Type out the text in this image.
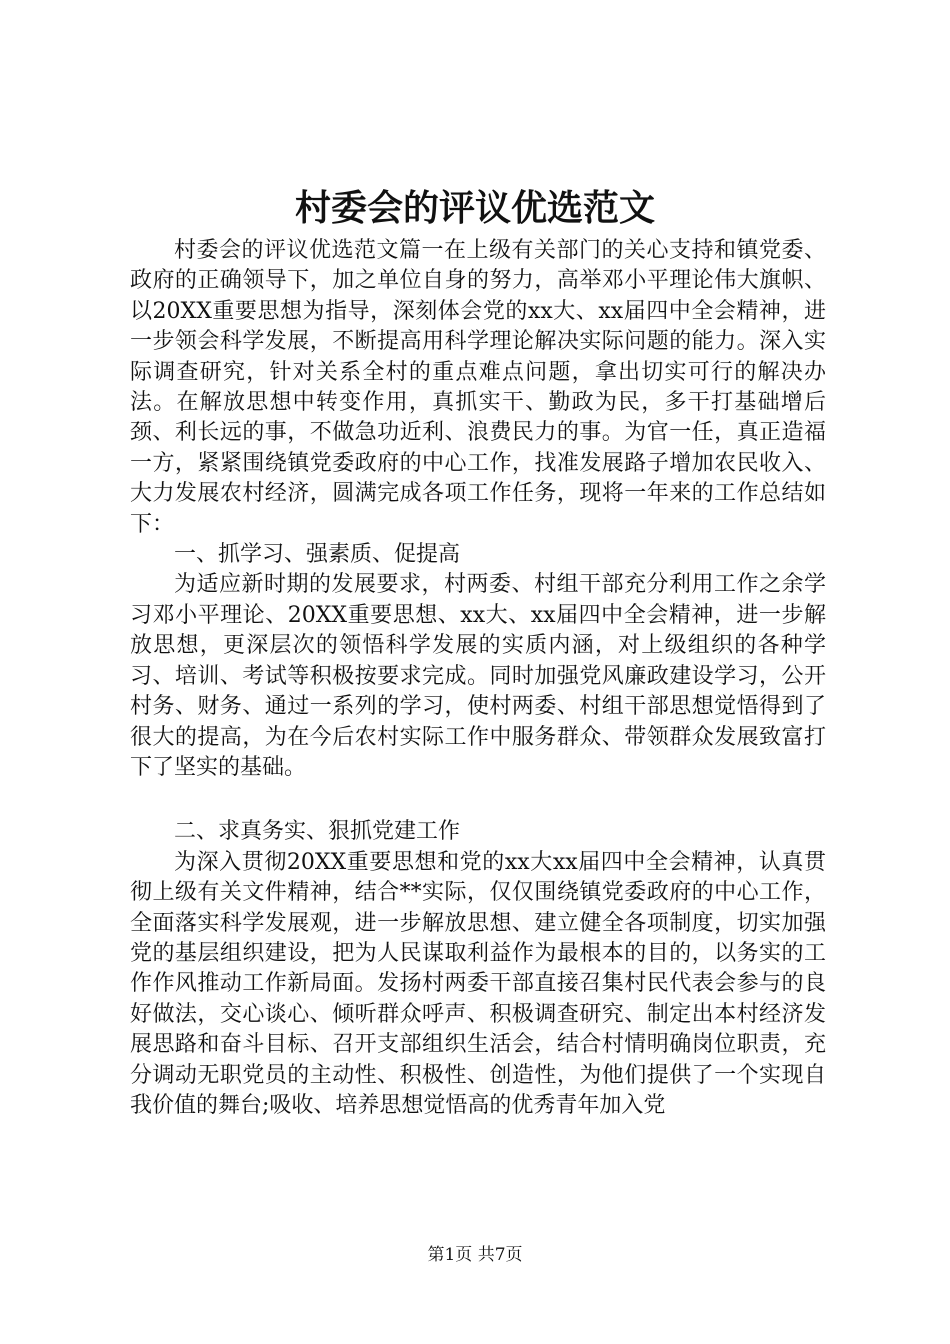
村委会的评议优选范文

村委会的评议优选范文篇一在上级有关部门的关心支持和镇党委、政府的正确领导下，加之单位自身的努力，高举邓小平理论伟大旗帜、以20XX重要思想为指导，深刻体会党的xx大、xx届四中全会精神，进一步领会科学发展，不断提高用科学理论解决实际问题的能力。深入实际调查研究，针对关系全村的重点难点问题，拿出切实可行的解决办法。在解放思想中转变作用，真抓实干、勤政为民，多干打基础增后颈、利长远的事，不做急功近利、浪费民力的事。为官一任，真正造福一方，紧紧围绕镇党委政府的中心工作，找准发展路子增加农民收入、大力发展农村经济，圆满完成各项工作任务，现将一年来的工作总结如下：

一、抓学习、强素质、促提高

为适应新时期的发展要求，村两委、村组干部充分利用工作之余学习邓小平理论、20XX重要思想、xx大、xx届四中全会精神，进一步解放思想，更深层次的领悟科学发展的实质内涵，对上级组织的各种学习、培训、考试等积极按要求完成。同时加强党风廉政建设学习，公开村务、财务、通过一系列的学习，使村两委、村组干部思想觉悟得到了很大的提高，为在今后农村实际工作中服务群众、带领群众发展致富打下了坚实的基础。

二、求真务实、狠抓党建工作

为深入贯彻20XX重要思想和党的xx大xx届四中全会精神，认真贯彻上级有关文件精神，结合**实际，仅仅围绕镇党委政府的中心工作，全面落实科学发展观，进一步解放思想、建立健全各项制度，切实加强党的基层组织建设，把为人民谋取利益作为最根本的目的，以务实的工作作风推动工作新局面。发扬村两委干部直接召集村民代表会参与的良好做法，交心谈心、倾听群众呼声、积极调查研究、制定出本村经济发展思路和奋斗目标、召开支部组织生活会，结合村情明确岗位职责，充分调动无职党员的主动性、积极性、创造性，为他们提供了一个实现自我价值的舞台;吸收、培养思想觉悟高的优秀青年加入党

第1页 共7页
